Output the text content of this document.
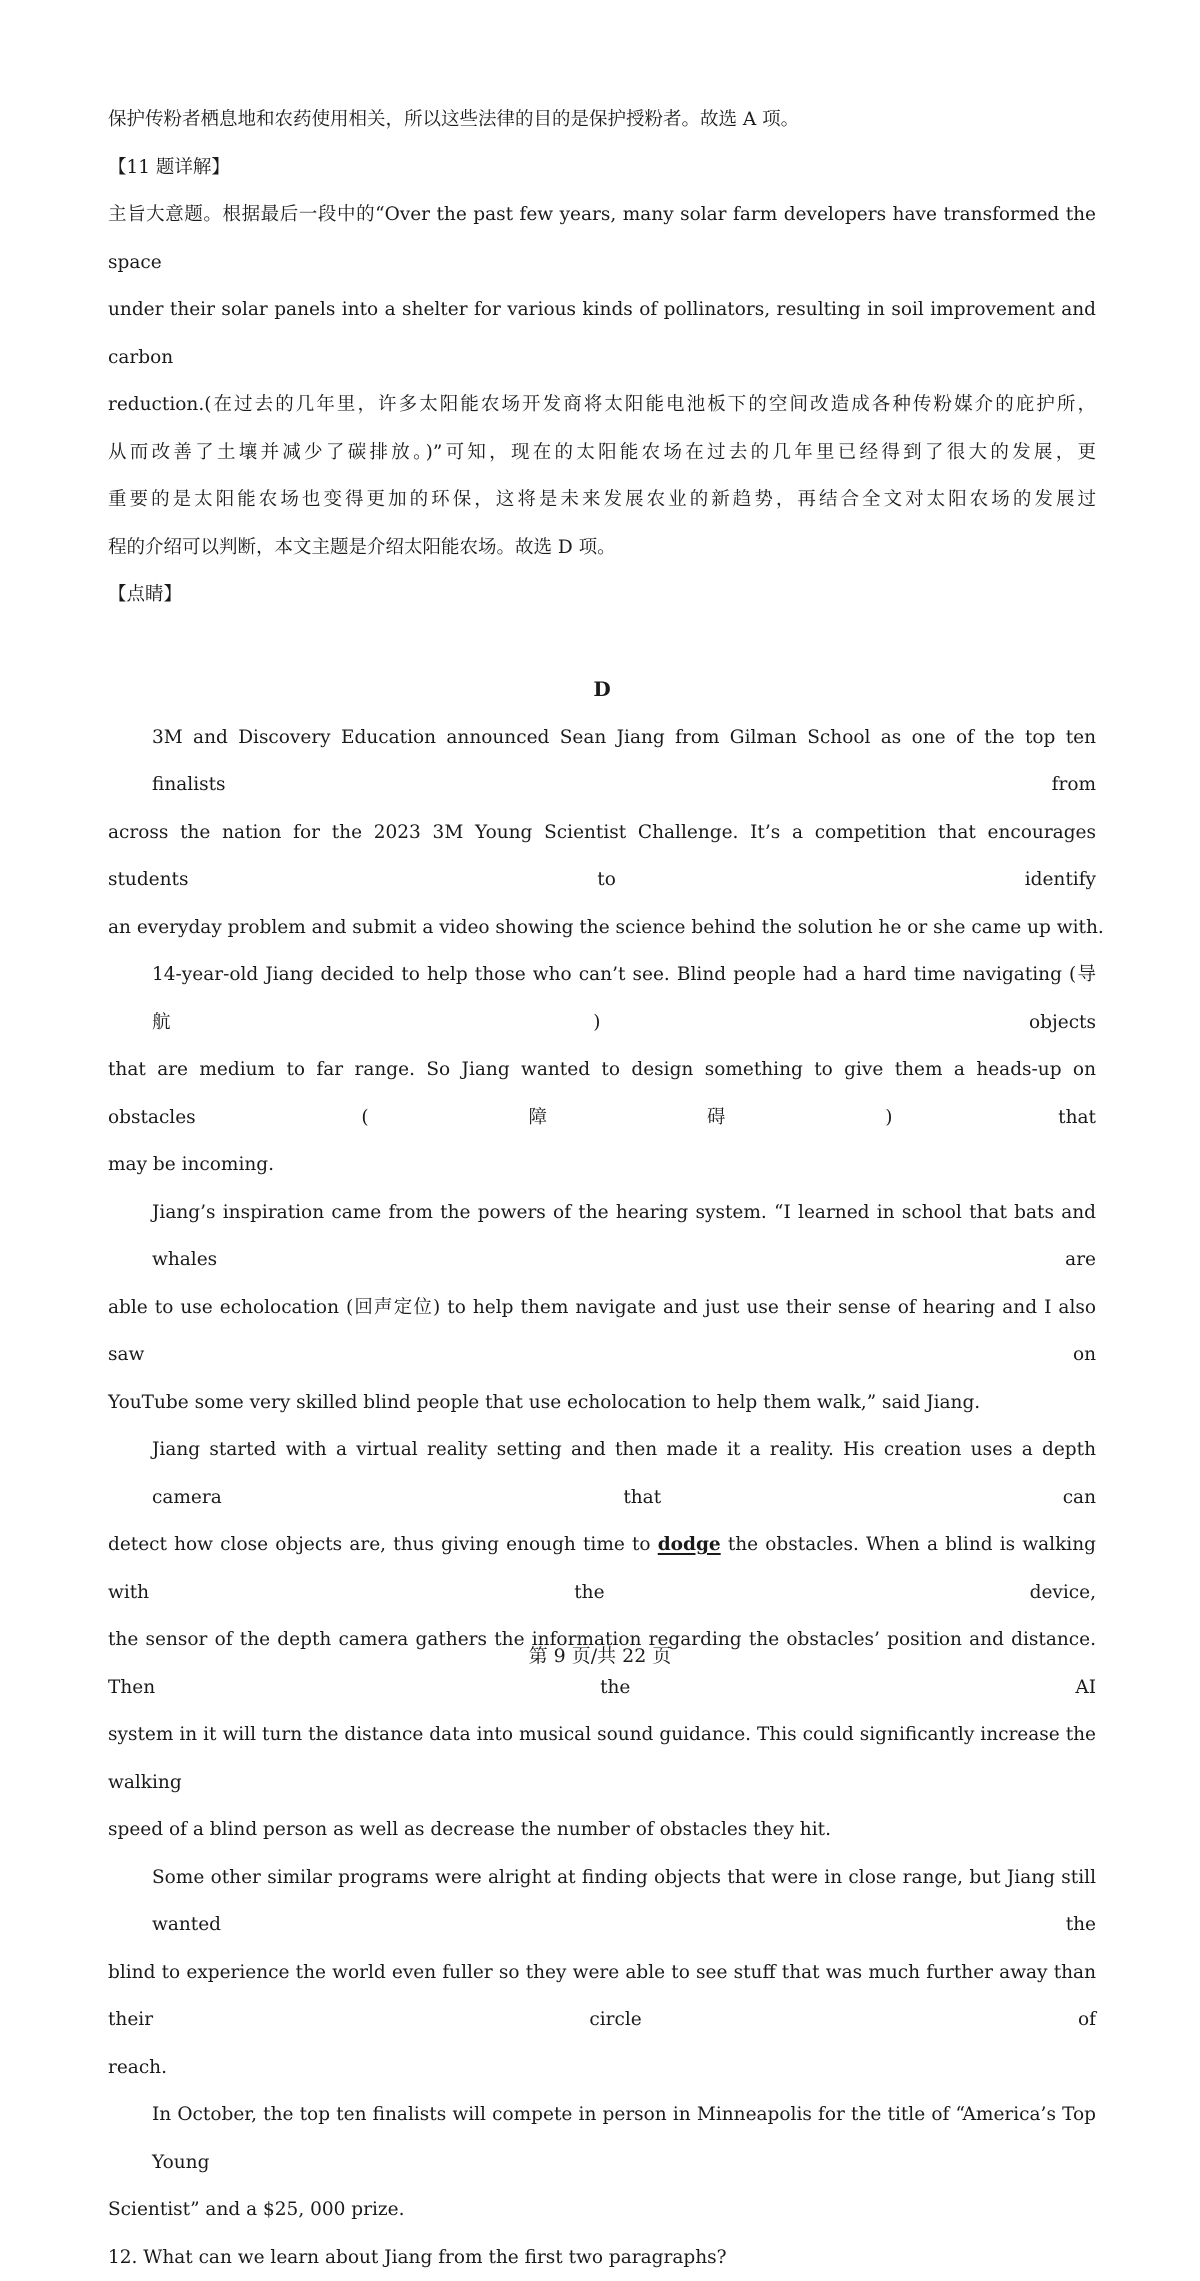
保护传粉者栖息地和农药使用相关，所以这些法律的目的是保护授粉者。故选 A 项。

【11 题详解】

主旨大意题。根据最后一段中的“Over the past few years, many solar farm developers have transformed the space

under their solar panels into a shelter for various kinds of pollinators, resulting in soil improvement and carbon

reduction.(在过去的几年里，许多太阳能农场开发商将太阳能电池板下的空间改造成各种传粉媒介的庇护所，

从而改善了土壤并减少了碳排放。)”可知，现在的太阳能农场在过去的几年里已经得到了很大的发展，更

重要的是太阳能农场也变得更加的环保，这将是未来发展农业的新趋势，再结合全文对太阳农场的发展过

程的介绍可以判断，本文主题是介绍太阳能农场。故选 D 项。

【点睛】

D

3M and Discovery Education announced Sean Jiang from Gilman School as one of the top ten finalists from

across the nation for the 2023 3M Young Scientist Challenge. It’s a competition that encourages students to identify

an everyday problem and submit a video showing the science behind the solution he or she came up with.

14-year-old Jiang decided to help those who can’t see. Blind people had a hard time navigating (导航) objects

that are medium to far range. So Jiang wanted to design something to give them a heads-up on obstacles (障碍) that

may be incoming.

Jiang’s inspiration came from the powers of the hearing system. “I learned in school that bats and whales are

able to use echolocation (回声定位) to help them navigate and just use their sense of hearing and I also saw on

YouTube some very skilled blind people that use echolocation to help them walk,” said Jiang.

Jiang started with a virtual reality setting and then made it a reality. His creation uses a depth camera that can

detect how close objects are, thus giving enough time to dodge the obstacles. When a blind is walking with the device,

the sensor of the depth camera gathers the information regarding the obstacles’ position and distance. Then the AI

system in it will turn the distance data into musical sound guidance. This could significantly increase the walking

speed of a blind person as well as decrease the number of obstacles they hit.

Some other similar programs were alright at finding objects that were in close range, but Jiang still wanted the

blind to experience the world even fuller so they were able to see stuff that was much further away than their circle of

reach.

In October, the top ten finalists will compete in person in Minneapolis for the title of “America’s Top Young

Scientist” and a $25, 000 prize.

12. What can we learn about Jiang from the first two paragraphs?

第 9 页/共 22 页
